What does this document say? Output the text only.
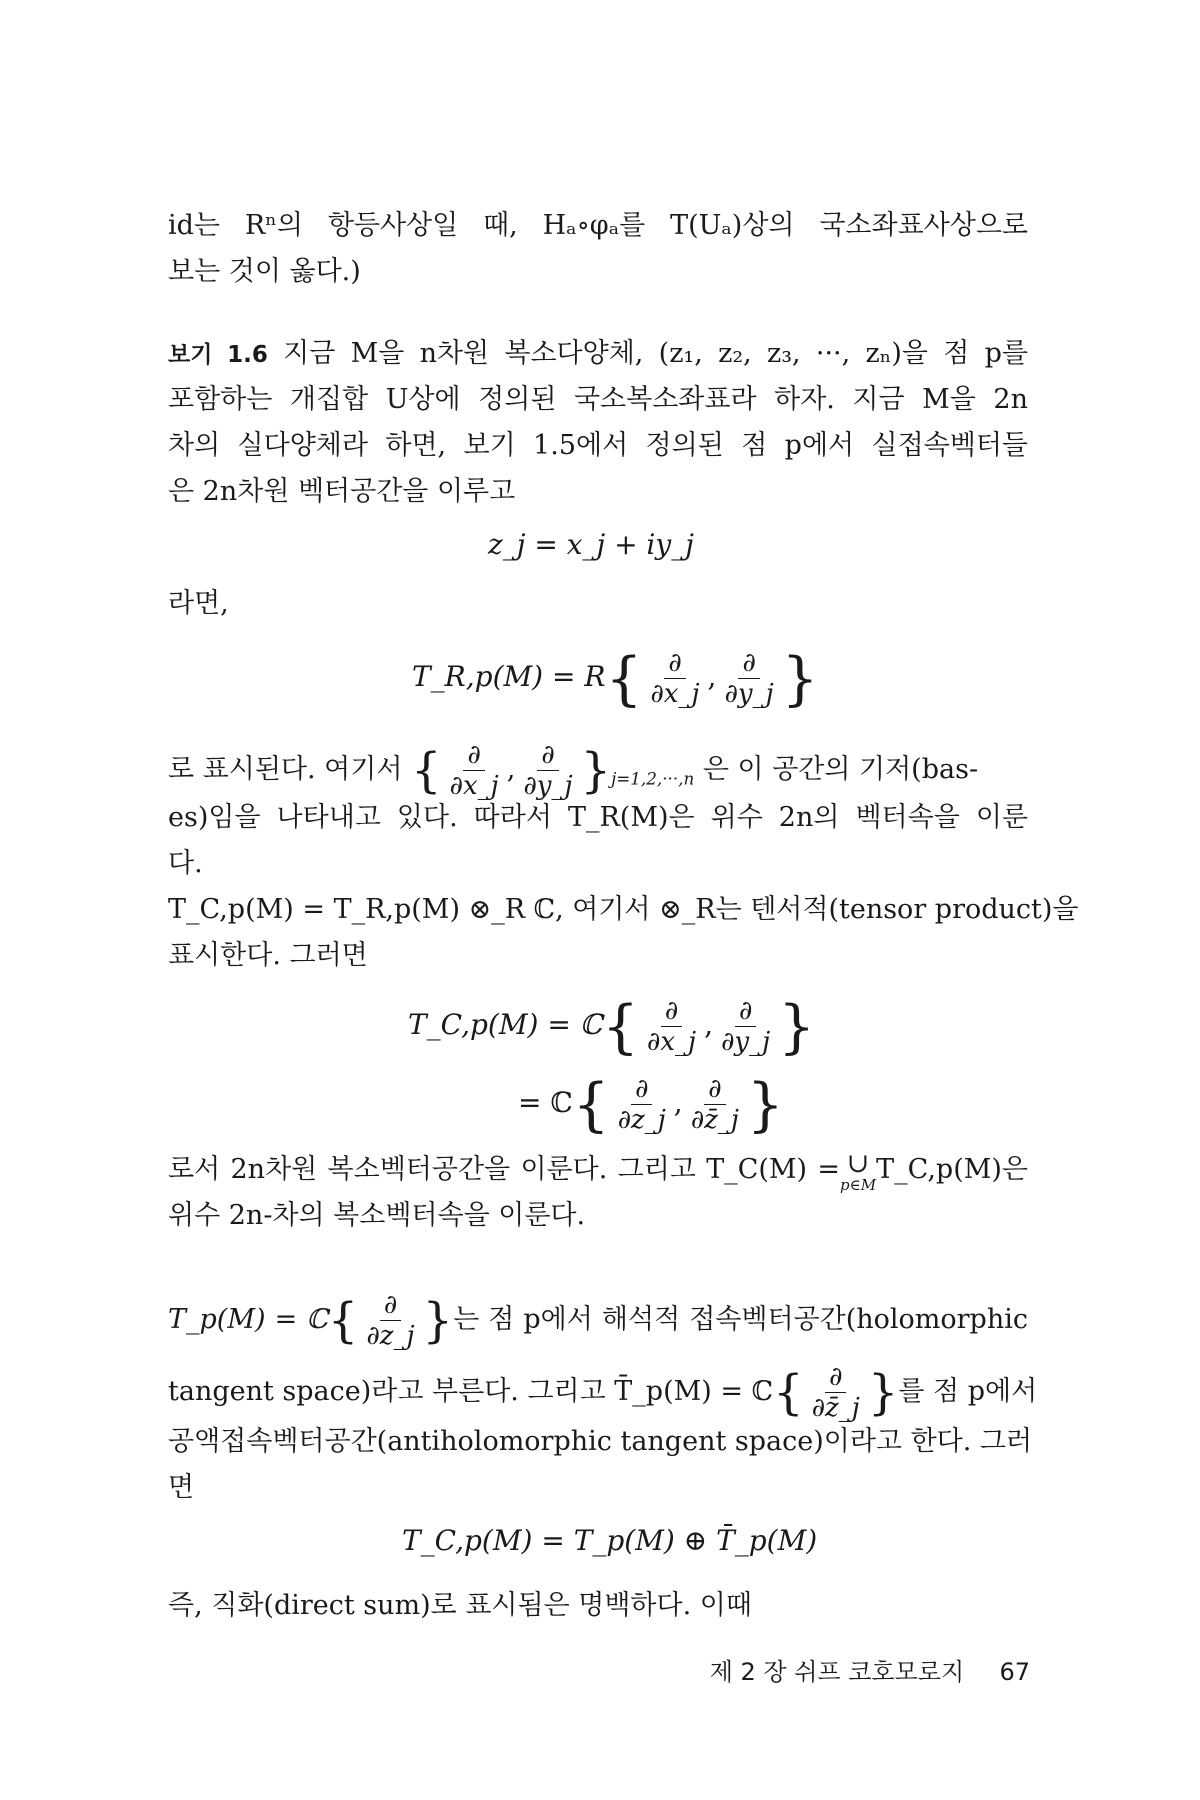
id는 Rⁿ의 항등사상일 때, Hₐ∘φₐ를 T(Uₐ)상의 국소좌표사상으로
보는 것이 옳다.)
보기 1.6 지금 M을 n차원 복소다양체, (z₁, z₂, z₃, ···, zₙ)을 점 p를
포함하는 개집합 U상에 정의된 국소복소좌표라 하자. 지금 M을 2n
차의 실다양체라 하면, 보기 1.5에서 정의된 점 p에서 실접속벡터들
은 2n차원 벡터공간을 이루고
z_j = x_j + iy_j
라면,
T_R,p(M) = $R\{ \frac{\partial}{\partial x\_j}$ , $\frac{\partial}{\partial y\_j}$ }
로 표시된다. 여기서 { $\frac{\partial}{\partial x\_j}$ , $\frac{\partial}{\partial y\_j} \}_{j=1,2,\cdot\cdot\cdot,n}$ 은 이 공간의 기저(bas-
es)임을 나타내고 있다. 따라서 T_R(M)은 위수 2n의 벡터속을 이룬
다.
T_C,p(M) = T_R,p(M) ⊗_R ℂ, 여기서 ⊗_R는 텐서적(tensor product)을
표시한다. 그러면
T_C,p(M) = ℂ{ $\frac{\partial}{\partial x\_j}$ , $\frac{\partial}{\partial y\_j}$ }
= ℂ{ $\frac{\partial}{\partial z\_j}$ , $\frac{\partial}{\partial z̄\_j}$ }
로서 2n차원 복소벡터공간을 이룬다. 그리고 T_C(M) = ∪
p∈M T_C,p(M)은
위수 2n-차의 복소벡터속을 이룬다.
T_p(M) = ℂ{ $\frac{\partial}{\partial z\_j}$ }는 점 p에서 해석적 접속벡터공간(holomorphic
tangent space)라고 부른다. 그리고 T̄_p(M) = ℂ{ $\frac{\partial}{\partial z̄\_j}$ }를 점 p에서
공액접속벡터공간(antiholomorphic tangent space)이라고 한다. 그러
면
T_C,p(M) = T_p(M) ⊕ T̄_p(M)
즉, 직화(direct sum)로 표시됨은 명백하다. 이때
제 2 장 쉬프 코호모로지 67
